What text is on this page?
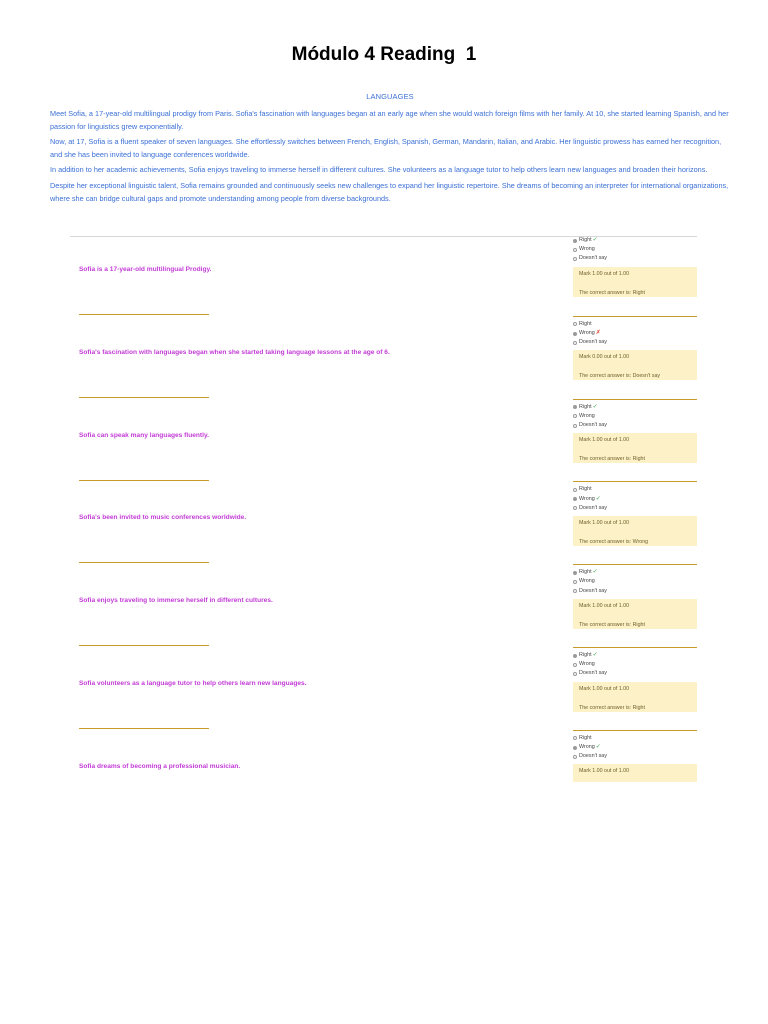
Módulo 4 Reading  1
LANGUAGES

Meet Sofia, a 17-year-old multilingual prodigy from Paris. Sofia's fascination with languages began at an early age when she would watch foreign films with her family. At 10, she started learning Spanish, and her passion for linguistics grew exponentially.

Now, at 17, Sofia is a fluent speaker of seven languages. She effortlessly switches between French, English, Spanish, German, Mandarin, Italian, and Arabic. Her linguistic prowess has earned her recognition, and she has been invited to language conferences worldwide.

In addition to her academic achievements, Sofia enjoys traveling to immerse herself in different cultures. She volunteers as a language tutor to help others learn new languages and broaden their horizons.

Despite her exceptional linguistic talent, Sofia remains grounded and continuously seeks new challenges to expand her linguistic repertoire. She dreams of becoming an interpreter for international organizations, where she can bridge cultural gaps and promote understanding among people from diverse backgrounds.

Sofia is a 17-year-old multilingual Prodigy.
Right ✓
Wrong
Doesn't say
Mark 1.00 out of 1.00
The correct answer is: Right
Sofia's fascination with languages began when she started taking language lessons at the age of 6.
Right
Wrong ✗
Doesn't say
Mark 0.00 out of 1.00
The correct answer is: Doesn't say
Sofia can speak many languages fluently.
Right ✓
Wrong
Doesn't say
Mark 1.00 out of 1.00
The correct answer is: Right
Sofia's been invited to music conferences worldwide.
Right
Wrong ✓
Doesn't say
Mark 1.00 out of 1.00
The correct answer is: Wrong
Sofia enjoys traveling to immerse herself in different cultures.
Right ✓
Wrong
Doesn't say
Mark 1.00 out of 1.00
The correct answer is: Right
Sofia volunteers as a language tutor to help others learn new languages.
Right ✓
Wrong
Doesn't say
Mark 1.00 out of 1.00
The correct answer is: Right
Sofia dreams of becoming a professional musician.
Right
Wrong ✓
Doesn't say
Mark 1.00 out of 1.00
